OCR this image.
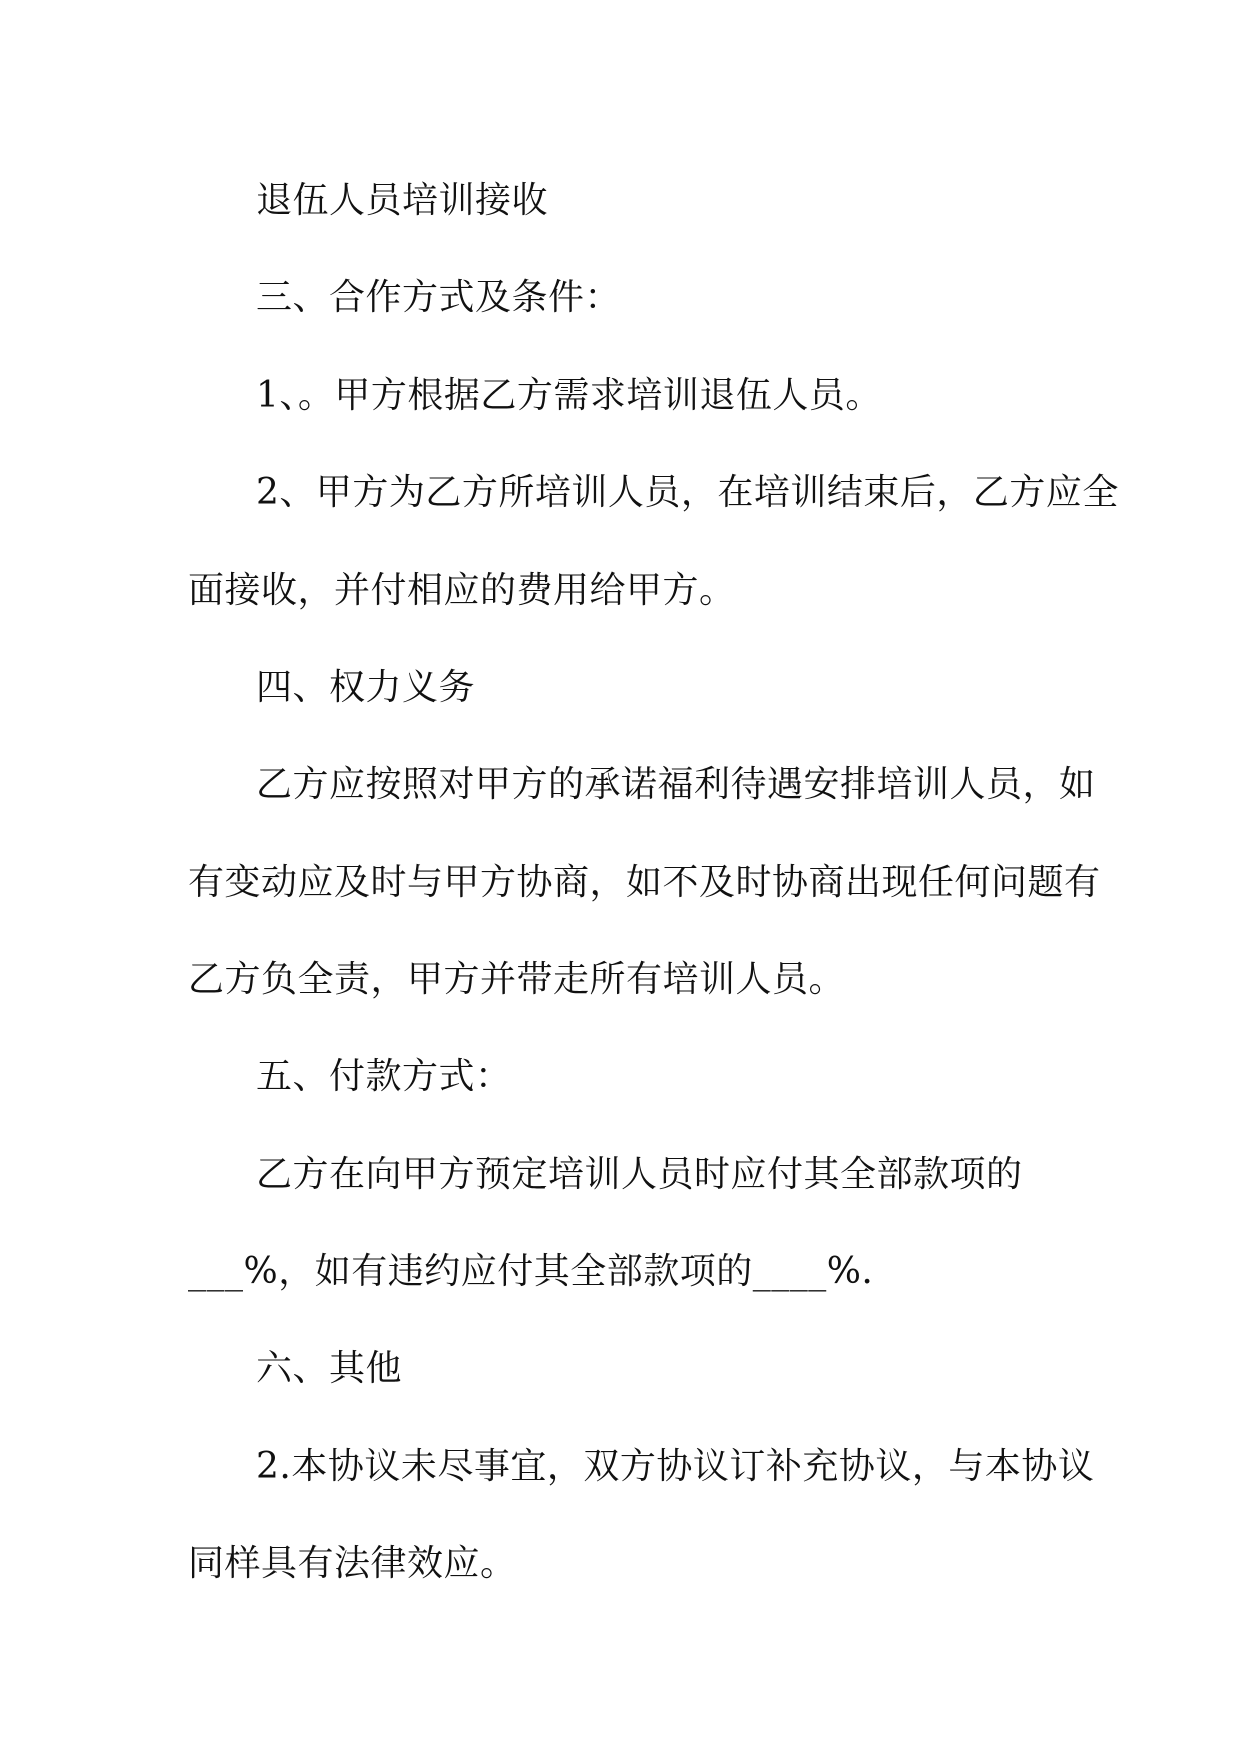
退伍人员培训接收
三、合作方式及条件：
1、。甲方根据乙方需求培训退伍人员。
2、甲方为乙方所培训人员，在培训结束后，乙方应全
面接收，并付相应的费用给甲方。
四、权力义务
乙方应按照对甲方的承诺福利待遇安排培训人员，如
有变动应及时与甲方协商，如不及时协商出现任何问题有
乙方负全责，甲方并带走所有培训人员。
五、付款方式：
乙方在向甲方预定培训人员时应付其全部款项的
___%，如有违约应付其全部款项的____%.
六、其他
2.本协议未尽事宜，双方协议订补充协议，与本协议
同样具有法律效应。
